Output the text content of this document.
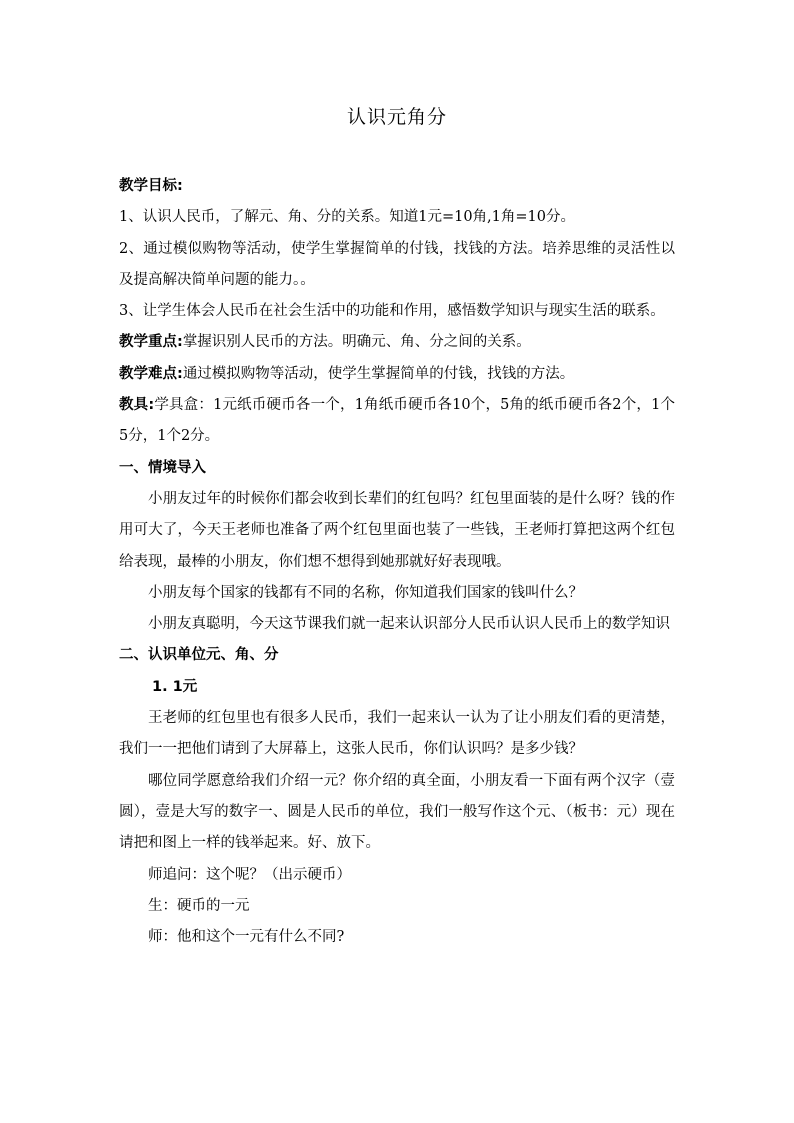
认识元角分

教学目标:

1、认识人民币，了解元、角、分的关系。知道1元=10角,1角=10分。

2、通过模似购物等活动，使学生掌握简单的付钱，找钱的方法。培养思维的灵活性以及提高解决简单问题的能力。。

3、让学生体会人民币在社会生活中的功能和作用，感悟数学知识与现实生活的联系。

教学重点:掌握识别人民币的方法。明确元、角、分之间的关系。

教学难点:通过模拟购物等活动，使学生掌握简单的付钱，找钱的方法。

教具:学具盒：1元纸币硬币各一个，1角纸币硬币各10个，5角的纸币硬币各2个，1个5分，1个2分。

一、情境导入

小朋友过年的时候你们都会收到长辈们的红包吗？红包里面装的是什么呀？钱的作用可大了，今天王老师也准备了两个红包里面也装了一些钱，王老师打算把这两个红包给表现，最棒的小朋友，你们想不想得到她那就好好表现哦。

小朋友每个国家的钱都有不同的名称，你知道我们国家的钱叫什么？

小朋友真聪明，今天这节课我们就一起来认识部分人民币认识人民币上的数学知识

二、认识单位元、角、分

1. 1元

王老师的红包里也有很多人民币，我们一起来认一认为了让小朋友们看的更清楚，我们一一把他们请到了大屏幕上，这张人民币，你们认识吗？是多少钱？

哪位同学愿意给我们介绍一元？你介绍的真全面，小朋友看一下面有两个汉字（壹圆），壹是大写的数字一、圆是人民币的单位，我们一般写作这个元、（板书：元）现在请把和图上一样的钱举起来。好、放下。

师追问：这个呢？（出示硬币）

生：硬币的一元

师：他和这个一元有什么不同?
